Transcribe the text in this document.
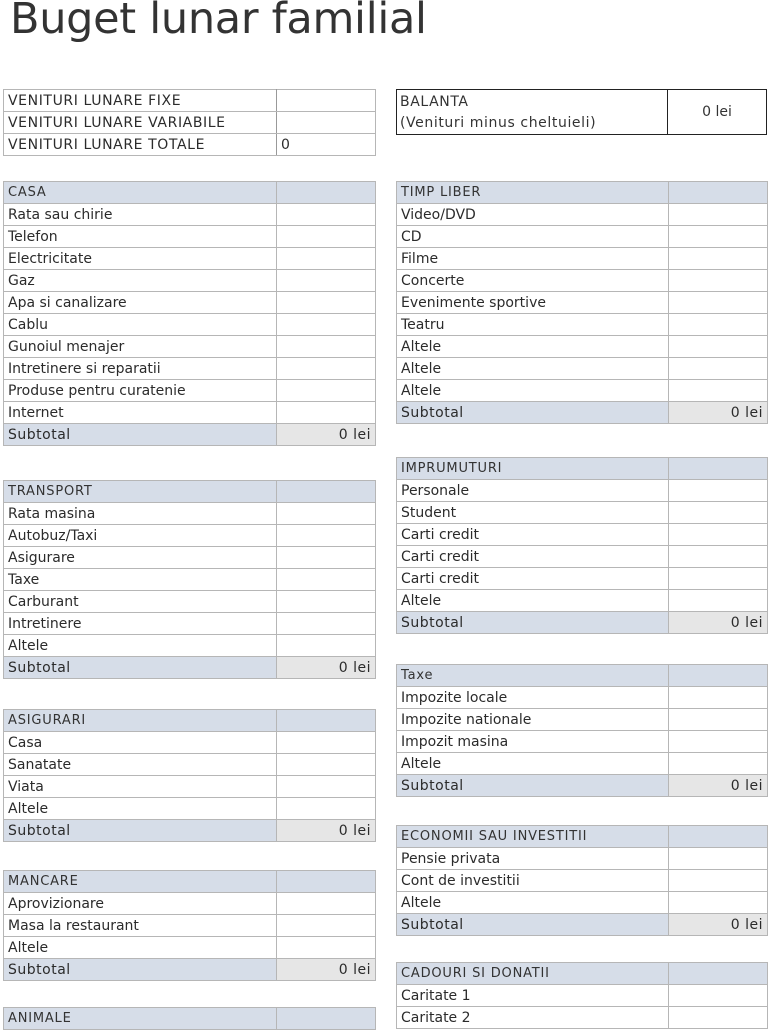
Buget lunar familial
VENITURI LUNARE FIXE	
VENITURI LUNARE VARIABILE	
VENITURI LUNARE TOTALE	0
BALANTA
(Venituri minus cheltuieli)
0 lei
CASA	
Rata sau chirie	
Telefon	
Electricitate	
Gaz	
Apa si canalizare	
Cablu	
Gunoiul menajer	
Intretinere si reparatii	
Produse pentru curatenie	
Internet	
Subtotal	0 lei
TRANSPORT	
Rata masina	
Autobuz/Taxi	
Asigurare	
Taxe	
Carburant	
Intretinere	
Altele	
Subtotal	0 lei
ASIGURARI	
Casa	
Sanatate	
Viata	
Altele	
Subtotal	0 lei
MANCARE	
Aprovizionare	
Masa la restaurant	
Altele	
Subtotal	0 lei
ANIMALE	
TIMP LIBER	
Video/DVD	
CD	
Filme	
Concerte	
Evenimente sportive	
Teatru	
Altele	
Altele	
Altele	
Subtotal	0 lei
IMPRUMUTURI	
Personale	
Student	
Carti credit	
Carti credit	
Carti credit	
Altele	
Subtotal	0 lei
Taxe	
Impozite locale	
Impozite nationale	
Impozit masina	
Altele	
Subtotal	0 lei
ECONOMII SAU INVESTITII	
Pensie privata	
Cont de investitii	
Altele	
Subtotal	0 lei
CADOURI SI DONATII	
Caritate 1	
Caritate 2	
